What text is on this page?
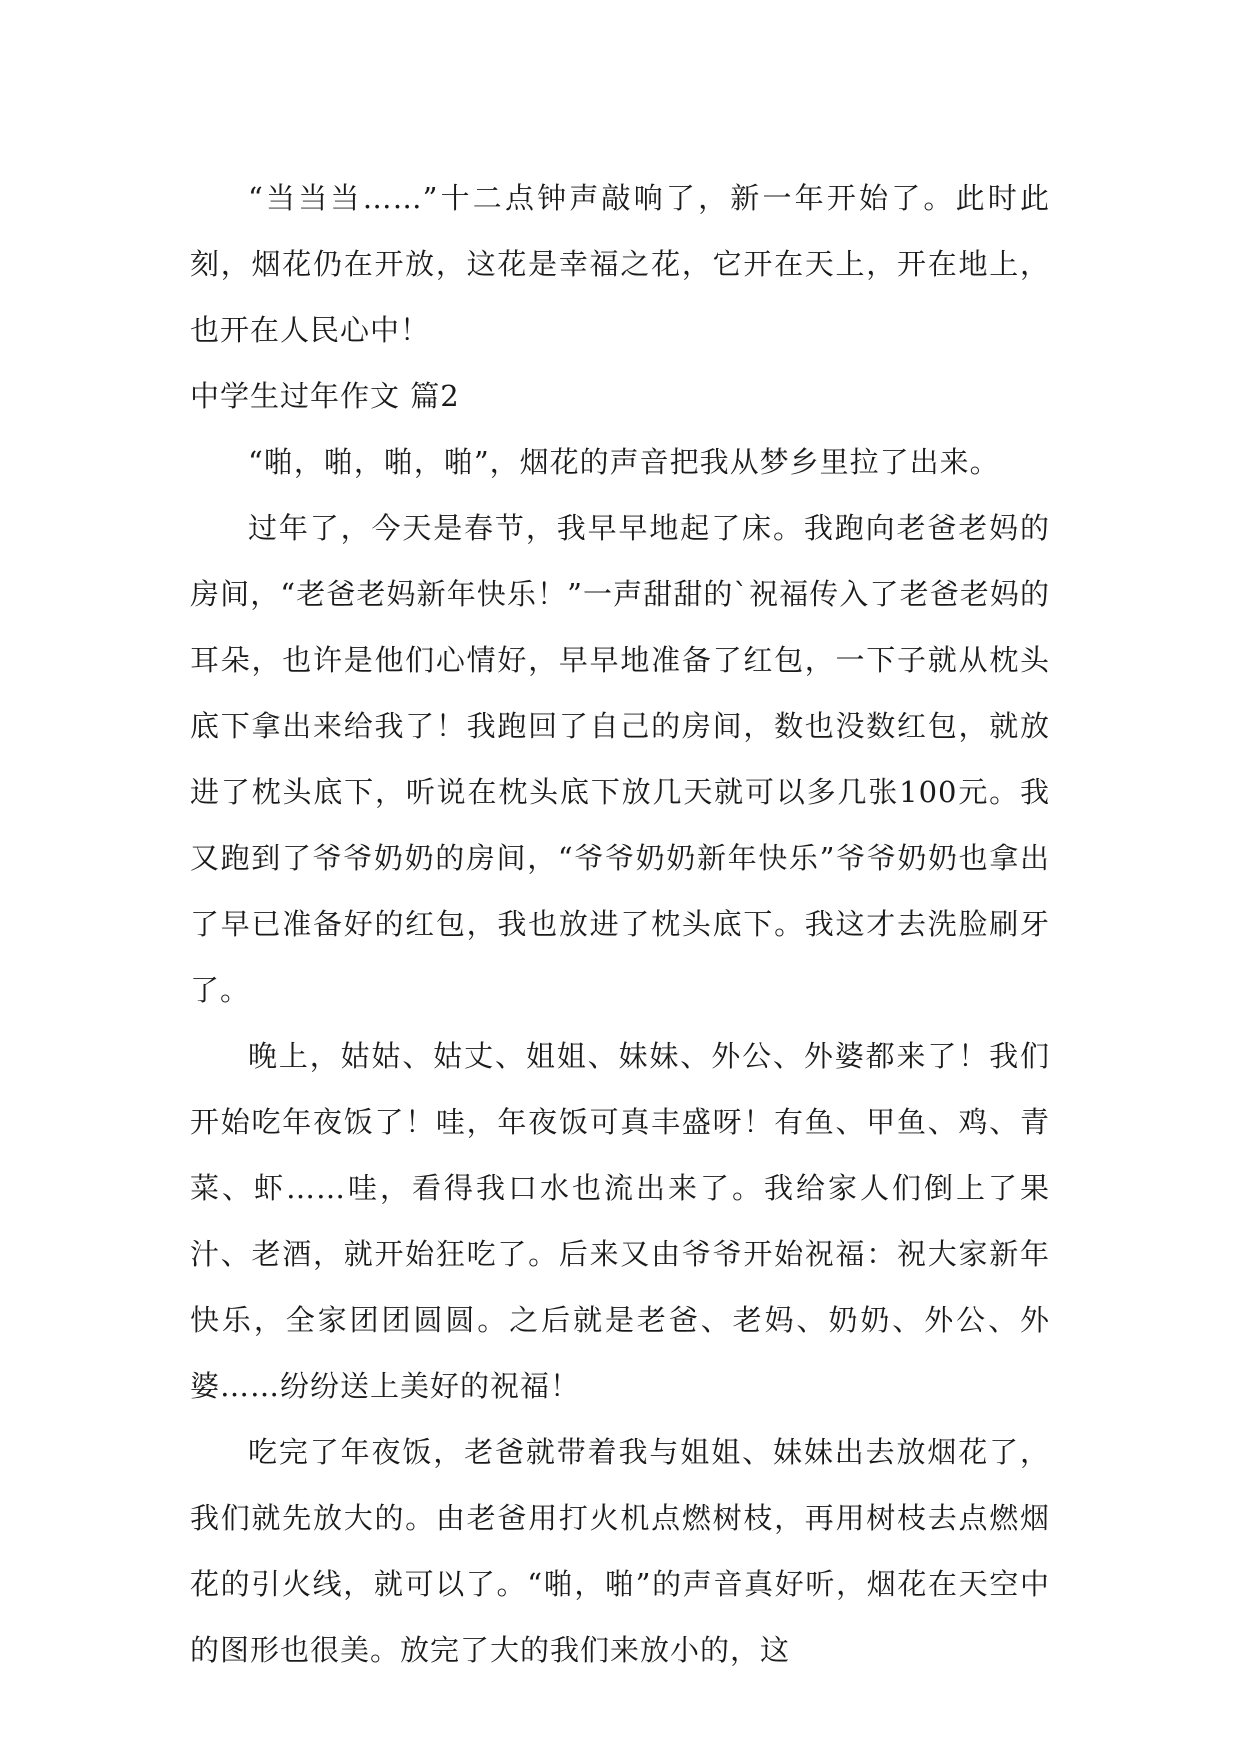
“当当当……”十二点钟声敲响了，新一年开始了。此时此刻，烟花仍在开放，这花是幸福之花，它开在天上，开在地上，也开在人民心中！

中学生过年作文 篇2

“啪，啪，啪，啪”，烟花的声音把我从梦乡里拉了出来。

过年了，今天是春节，我早早地起了床。我跑向老爸老妈的房间，“老爸老妈新年快乐！”一声甜甜的`祝福传入了老爸老妈的耳朵，也许是他们心情好，早早地准备了红包，一下子就从枕头底下拿出来给我了！我跑回了自己的房间，数也没数红包，就放进了枕头底下，听说在枕头底下放几天就可以多几张100元。我又跑到了爷爷奶奶的房间，“爷爷奶奶新年快乐”爷爷奶奶也拿出了早已准备好的红包，我也放进了枕头底下。我这才去洗脸刷牙了。

晚上，姑姑、姑丈、姐姐、妹妹、外公、外婆都来了！我们开始吃年夜饭了！哇，年夜饭可真丰盛呀！有鱼、甲鱼、鸡、青菜、虾……哇，看得我口水也流出来了。我给家人们倒上了果汁、老酒，就开始狂吃了。后来又由爷爷开始祝福：祝大家新年快乐，全家团团圆圆。之后就是老爸、老妈、奶奶、外公、外婆……纷纷送上美好的祝福！

吃完了年夜饭，老爸就带着我与姐姐、妹妹出去放烟花了，我们就先放大的。由老爸用打火机点燃树枝，再用树枝去点燃烟花的引火线，就可以了。“啪，啪”的声音真好听，烟花在天空中的图形也很美。放完了大的我们来放小的，这
